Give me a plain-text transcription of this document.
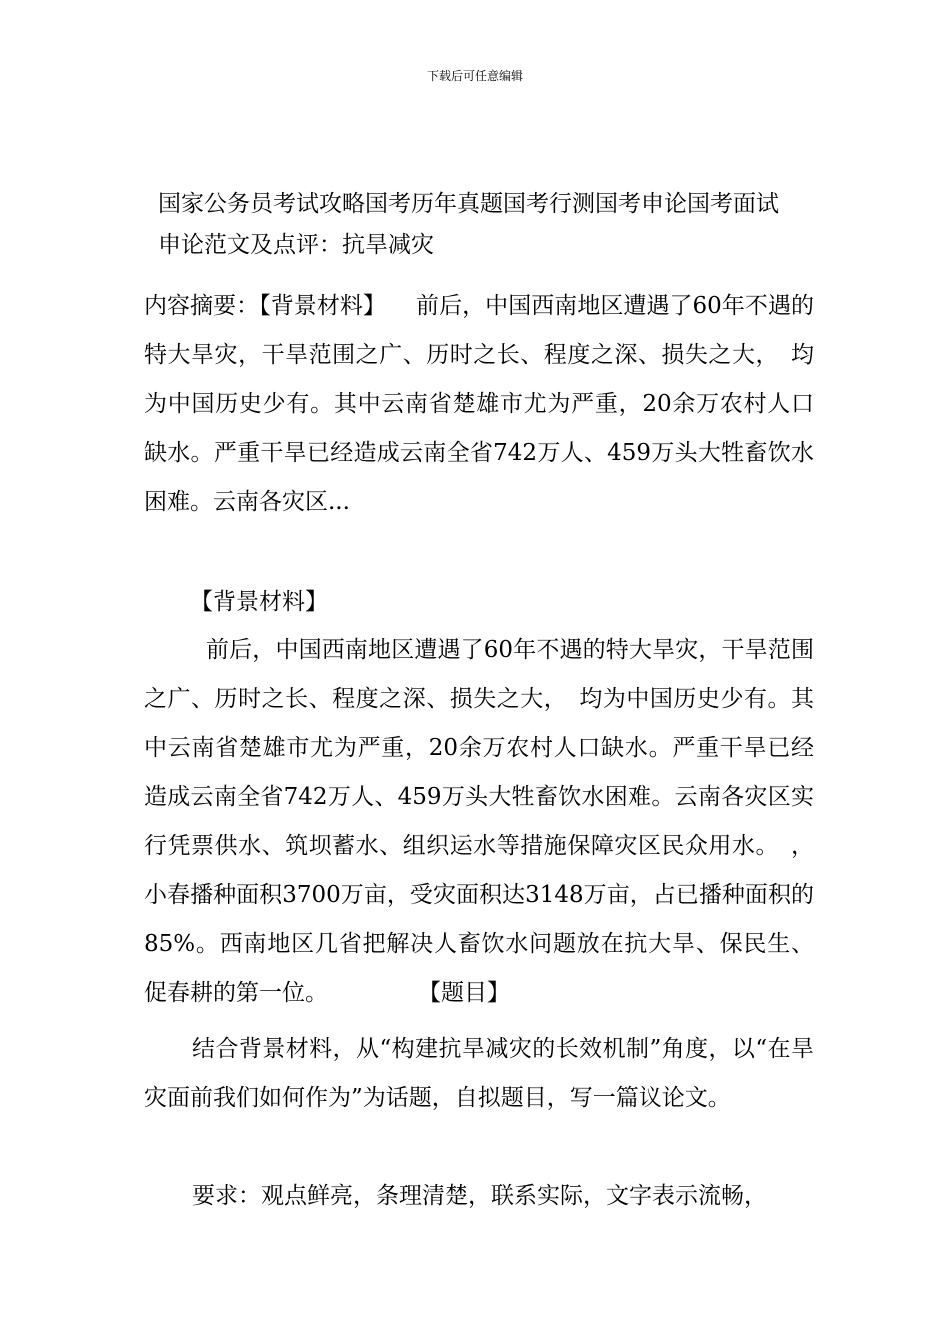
下载后可任意编辑
国家公务员考试攻略国考历年真题国考行测国考申论国考面试
申论范文及点评：抗旱减灾

内容摘要：【背景材料】 前后，中国西南地区遭遇了60年不遇的特大旱灾，干旱范围之广、历时之长、程度之深、损失之大，　均为中国历史少有。其中云南省楚雄市尤为严重，20余万农村人口缺水。严重干旱已经造成云南全省742万人、459万头大牲畜饮水困难。云南各灾区...

【背景材料】

前后，中国西南地区遭遇了60年不遇的特大旱灾，干旱范围之广、历时之长、程度之深、损失之大，　均为中国历史少有。其中云南省楚雄市尤为严重，20余万农村人口缺水。严重干旱已经造成云南全省742万人、459万头大牲畜饮水困难。云南各灾区实行凭票供水、筑坝蓄水、组织运水等措施保障灾区民众用水。　，小春播种面积3700万亩，受灾面积达3148万亩，占已播种面积的85%。西南地区几省把解决人畜饮水问题放在抗大旱、保民生、促春耕的第一位。	【题目】

结合背景材料，从“构建抗旱减灾的长效机制”角度，以“在旱灾面前我们如何作为”为话题，自拟题目，写一篇议论文。

要求：观点鲜亮，条理清楚，联系实际，文字表示流畅，
